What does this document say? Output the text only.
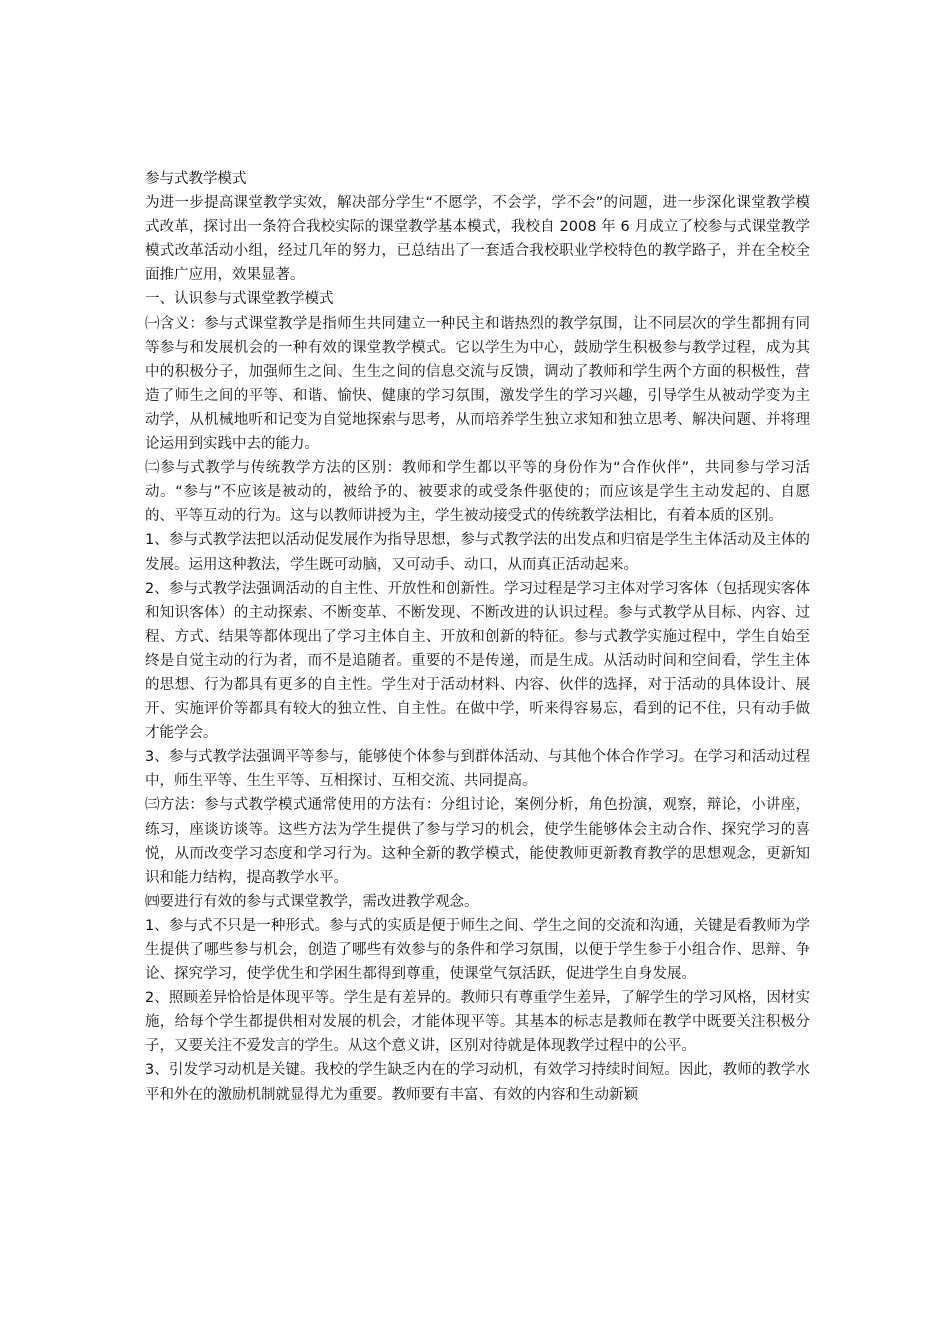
参与式教学模式

为进一步提高课堂教学实效，解决部分学生“不愿学，不会学，学不会”的问题，进一步深化课堂教学模式改革，探讨出一条符合我校实际的课堂教学基本模式，我校自 2008 年 6 月成立了校参与式课堂教学模式改革活动小组，经过几年的努力，已总结出了一套适合我校职业学校特色的教学路子，并在全校全面推广应用，效果显著。

一、认识参与式课堂教学模式

㈠含义：参与式课堂教学是指师生共同建立一种民主和谐热烈的教学氛围，让不同层次的学生都拥有同等参与和发展机会的一种有效的课堂教学模式。它以学生为中心，鼓励学生积极参与教学过程，成为其中的积极分子，加强师生之间、生生之间的信息交流与反馈，调动了教师和学生两个方面的积极性，营造了师生之间的平等、和谐、愉快、健康的学习氛围，激发学生的学习兴趣，引导学生从被动学变为主动学，从机械地听和记变为自觉地探索与思考，从而培养学生独立求知和独立思考、解决问题、并将理论运用到实践中去的能力。

㈡参与式教学与传统教学方法的区别：教师和学生都以平等的身份作为“合作伙伴”，共同参与学习活动。“参与”不应该是被动的，被给予的、被要求的或受条件驱使的；而应该是学生主动发起的、自愿的、平等互动的行为。这与以教师讲授为主，学生被动接受式的传统教学法相比，有着本质的区别。

1、参与式教学法把以活动促发展作为指导思想，参与式教学法的出发点和归宿是学生主体活动及主体的发展。运用这种教法，学生既可动脑，又可动手、动口，从而真正活动起来。

2、参与式教学法强调活动的自主性、开放性和创新性。学习过程是学习主体对学习客体（包括现实客体和知识客体）的主动探索、不断变革、不断发现、不断改进的认识过程。参与式教学从目标、内容、过程、方式、结果等都体现出了学习主体自主、开放和创新的特征。参与式教学实施过程中，学生自始至终是自觉主动的行为者，而不是追随者。重要的不是传递，而是生成。从活动时间和空间看，学生主体的思想、行为都具有更多的自主性。学生对于活动材料、内容、伙伴的选择，对于活动的具体设计、展开、实施评价等都具有较大的独立性、自主性。在做中学，听来得容易忘，看到的记不住，只有动手做才能学会。

3、参与式教学法强调平等参与，能够使个体参与到群体活动、与其他个体合作学习。在学习和活动过程中，师生平等、生生平等、互相探讨、互相交流、共同提高。

㈢方法：参与式教学模式通常使用的方法有：分组讨论，案例分析，角色扮演，观察，辩论，小讲座，练习，座谈访谈等。这些方法为学生提供了参与学习的机会，使学生能够体会主动合作、探究学习的喜悦，从而改变学习态度和学习行为。这种全新的教学模式，能使教师更新教育教学的思想观念，更新知识和能力结构，提高教学水平。

㈣要进行有效的参与式课堂教学，需改进教学观念。

1、参与式不只是一种形式。参与式的实质是便于师生之间、学生之间的交流和沟通，关键是看教师为学生提供了哪些参与机会，创造了哪些有效参与的条件和学习氛围，以便于学生参于小组合作、思辩、争论、探究学习，使学优生和学困生都得到尊重，使课堂气氛活跃，促进学生自身发展。

2、照顾差异恰恰是体现平等。学生是有差异的。教师只有尊重学生差异，了解学生的学习风格，因材实施，给每个学生都提供相对发展的机会，才能体现平等。其基本的标志是教师在教学中既要关注积极分子，又要关注不爱发言的学生。从这个意义讲，区别对待就是体现教学过程中的公平。

3、引发学习动机是关键。我校的学生缺乏内在的学习动机，有效学习持续时间短。因此，教师的教学水平和外在的激励机制就显得尤为重要。教师要有丰富、有效的内容和生动新颖
